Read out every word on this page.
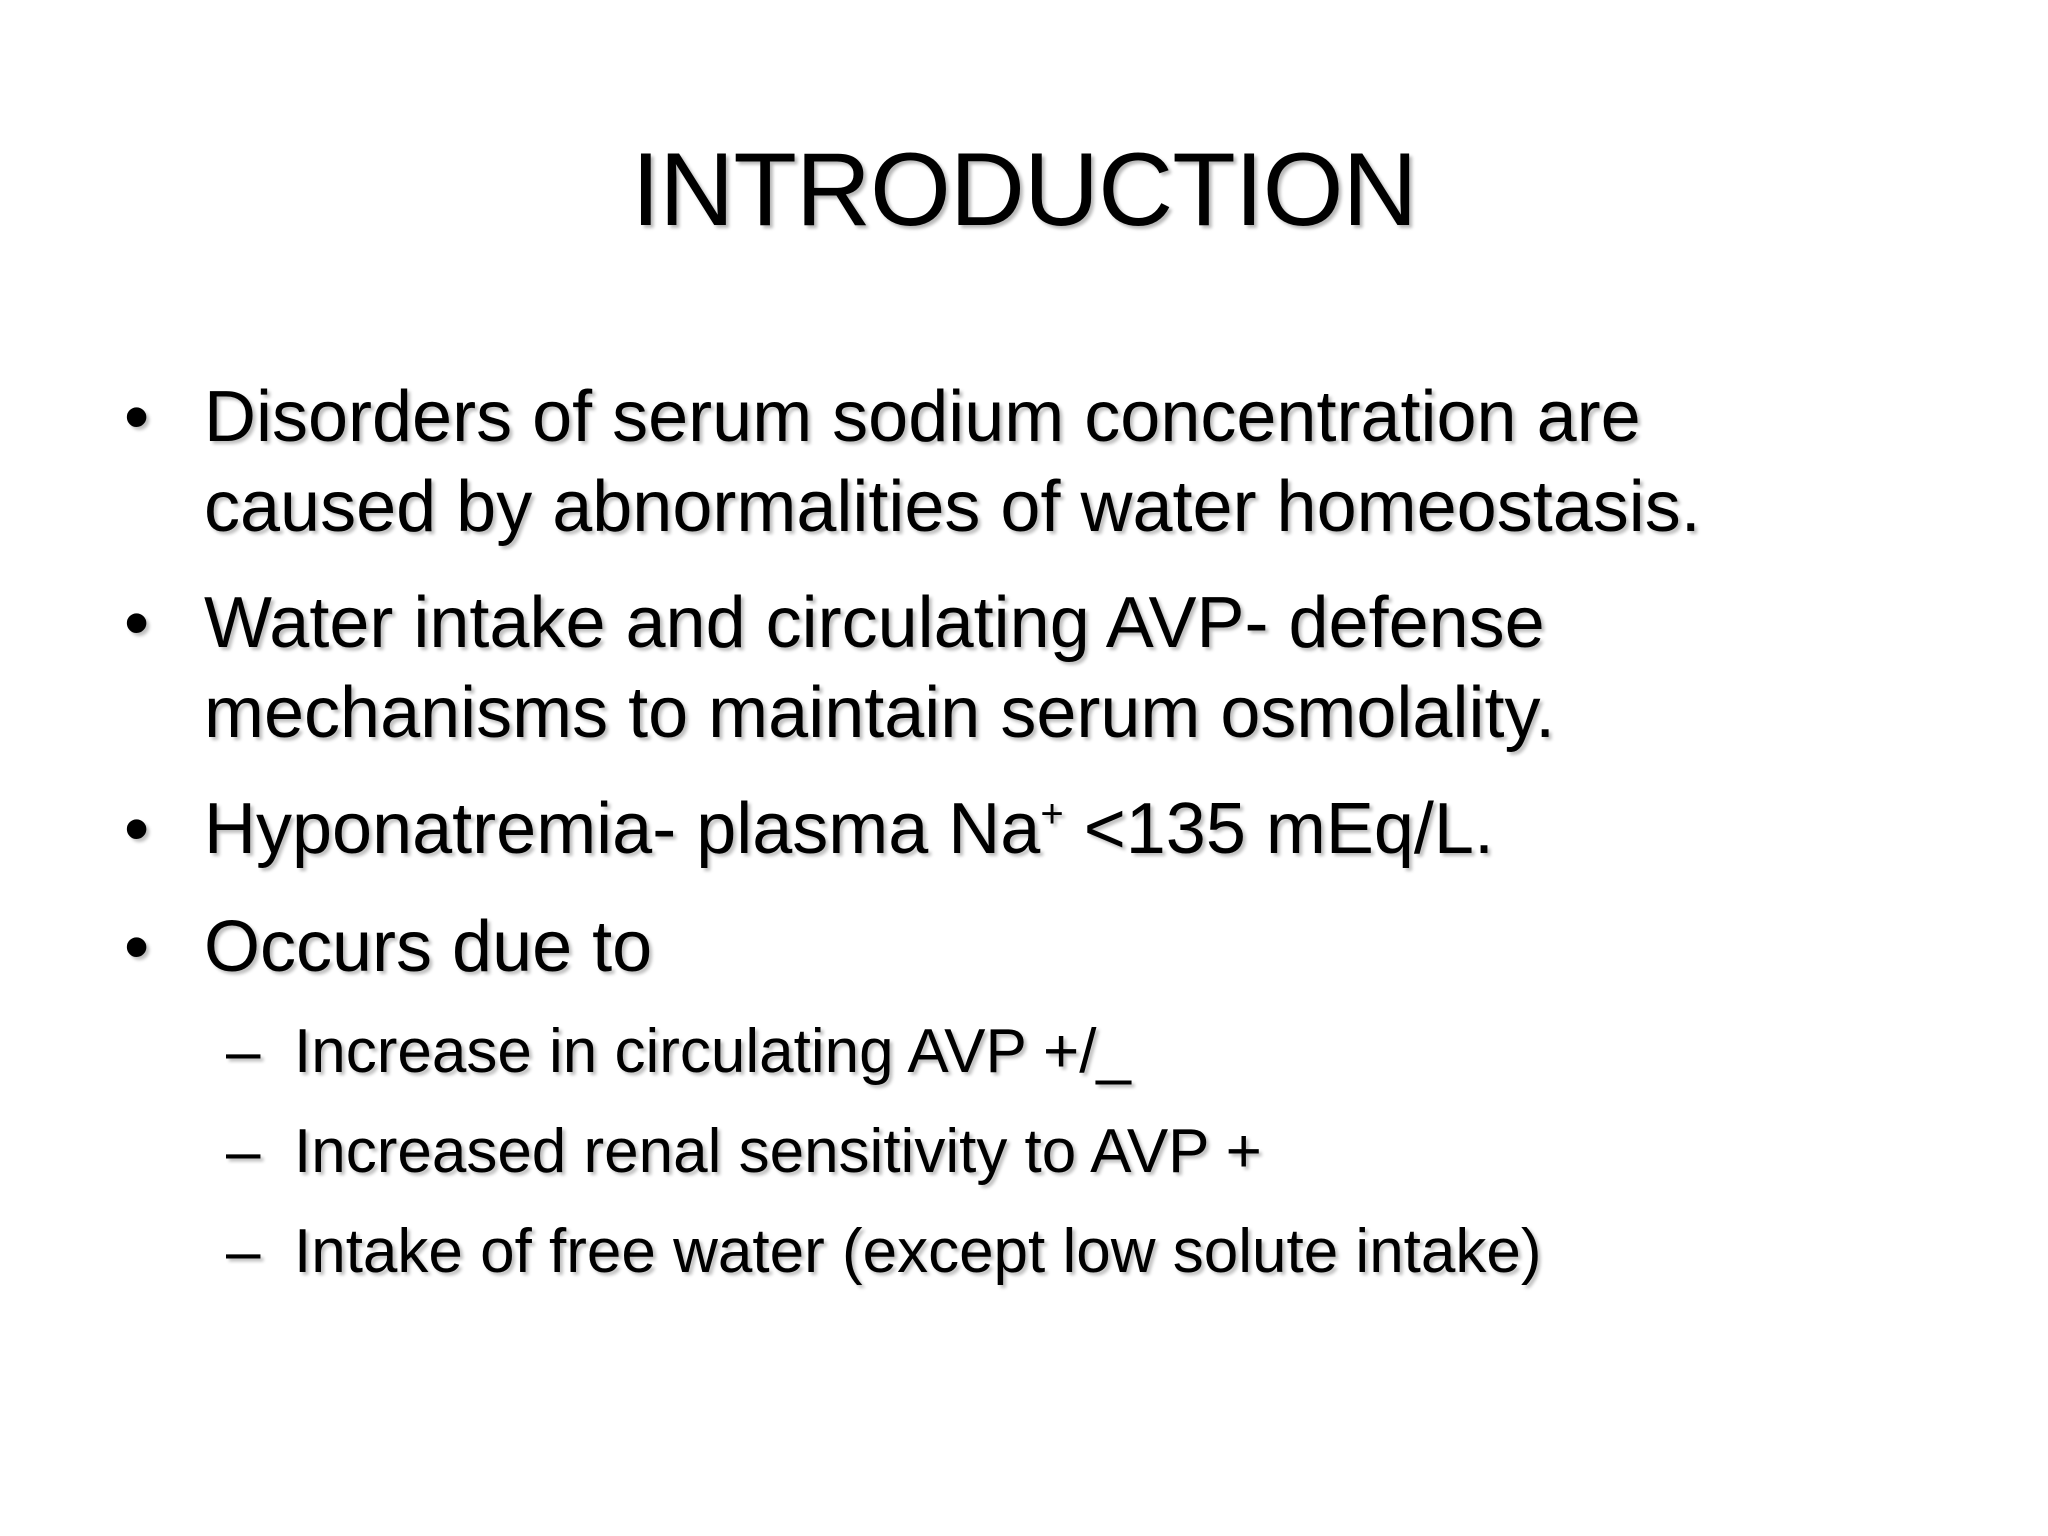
INTRODUCTION
• Disorders of serum sodium concentration are
caused by abnormalities of water homeostasis.
• Water intake and circulating AVP- defense
mechanisms to maintain serum osmolality.
• Hyponatremia- plasma Na+ <135 mEq/L.
• Occurs due to
– Increase in circulating AVP +/_
– Increased renal sensitivity to AVP +
– Intake of free water (except low solute intake)
